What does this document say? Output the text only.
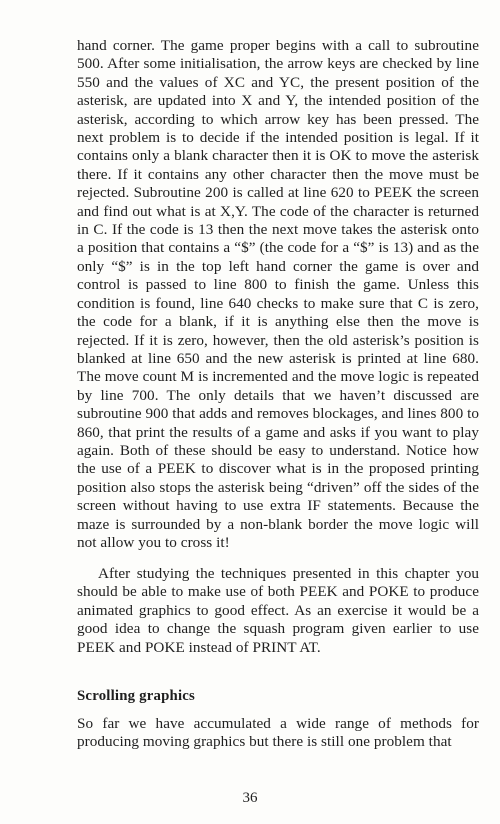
hand corner. The game proper begins with a call to subroutine 500. After some initialisation, the arrow keys are checked by line 550 and the values of XC and YC, the present position of the asterisk, are updated into X and Y, the intended position of the asterisk, according to which arrow key has been pressed. The next problem is to decide if the intended position is legal. If it contains only a blank character then it is OK to move the asterisk there. If it contains any other character then the move must be rejected. Subroutine 200 is called at line 620 to PEEK the screen and find out what is at X,Y. The code of the character is returned in C. If the code is 13 then the next move takes the asterisk onto a position that contains a “$” (the code for a “$” is 13) and as the only “$” is in the top left hand corner the game is over and control is passed to line 800 to finish the game. Unless this condition is found, line 640 checks to make sure that C is zero, the code for a blank, if it is anything else then the move is rejected. If it is zero, however, then the old asterisk’s position is blanked at line 650 and the new asterisk is printed at line 680. The move count M is incremented and the move logic is repeated by line 700. The only details that we haven’t discussed are subroutine 900 that adds and removes blockages, and lines 800 to 860, that print the results of a game and asks if you want to play again. Both of these should be easy to understand. Notice how the use of a PEEK to discover what is in the proposed printing position also stops the asterisk being “driven” off the sides of the screen without having to use extra IF statements. Because the maze is surrounded by a non-blank border the move logic will not allow you to cross it!

After studying the techniques presented in this chapter you should be able to make use of both PEEK and POKE to produce animated graphics to good effect. As an exercise it would be a good idea to change the squash program given earlier to use PEEK and POKE instead of PRINT AT.

Scrolling graphics

So far we have accumulated a wide range of methods for producing moving graphics but there is still one problem that

36
